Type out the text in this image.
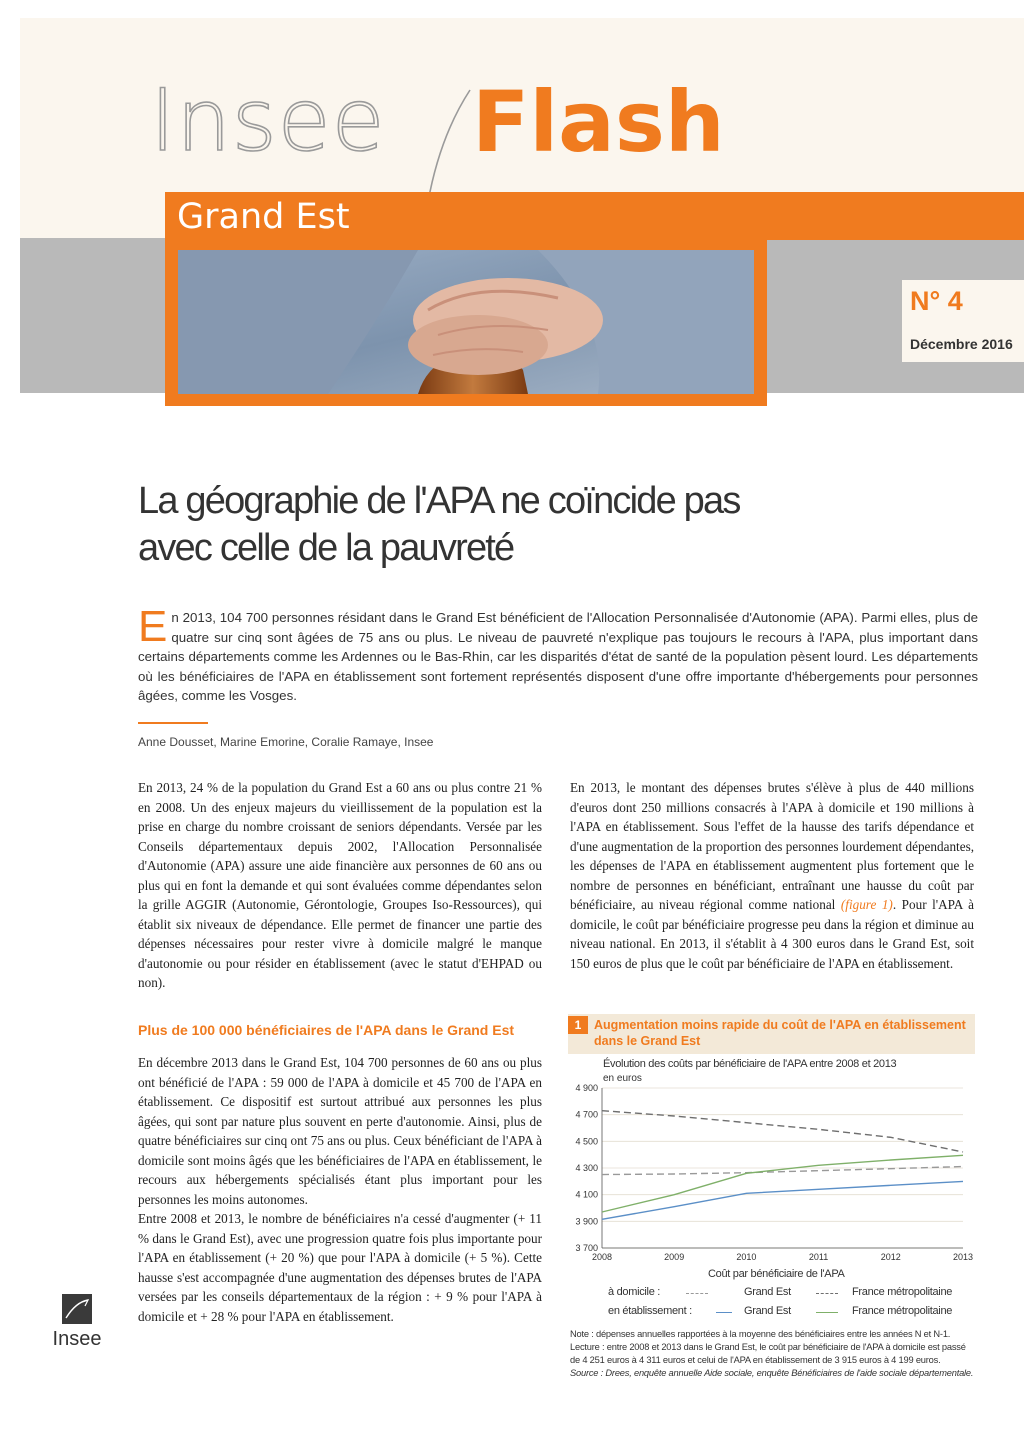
Insee Flash
Grand Est
N° 4
Décembre 2016
La géographie de l'APA ne coïncide pas
avec celle de la pauvreté

En 2013, 104 700 personnes résidant dans le Grand Est bénéficient de l'Allocation Personnalisée d'Autonomie (APA). Parmi elles, plus de quatre sur cinq sont âgées de 75 ans ou plus. Le niveau de pauvreté n'explique pas toujours le recours à l'APA, plus important dans certains départements comme les Ardennes ou le Bas-Rhin, car les disparités d'état de santé de la population pèsent lourd. Les départements où les bénéficiaires de l'APA en établissement sont fortement représentés disposent d'une offre importante d'hébergements pour personnes âgées, comme les Vosges.

Anne Dousset, Marine Emorine, Coralie Ramaye, Insee

En 2013, 24 % de la population du Grand Est a 60 ans ou plus contre 21 % en 2008. Un des enjeux majeurs du vieillissement de la population est la prise en charge du nombre croissant de seniors dépendants. Versée par les Conseils départementaux depuis 2002, l'Allocation Personnalisée d'Autonomie (APA) assure une aide financière aux personnes de 60 ans ou plus qui en font la demande et qui sont évaluées comme dépendantes selon la grille AGGIR (Autonomie, Gérontologie, Groupes Iso-Ressources), qui établit six niveaux de dépendance. Elle permet de financer une partie des dépenses nécessaires pour rester vivre à domicile malgré le manque d'autonomie ou pour résider en établissement (avec le statut d'EHPAD ou non).

Plus de 100 000 bénéficiaires de l'APA dans le Grand Est

En décembre 2013 dans le Grand Est, 104 700 personnes de 60 ans ou plus ont bénéficié de l'APA : 59 000 de l'APA à domicile et 45 700 de l'APA en établissement. Ce dispositif est surtout attribué aux personnes les plus âgées, qui sont par nature plus souvent en perte d'autonomie. Ainsi, plus de quatre bénéficiaires sur cinq ont 75 ans ou plus. Ceux bénéficiant de l'APA à domicile sont moins âgés que les bénéficiaires de l'APA en établissement, le recours aux hébergements spécialisés étant plus important pour les personnes les moins autonomes.

Entre 2008 et 2013, le nombre de bénéficiaires n'a cessé d'augmenter (+ 11 % dans le Grand Est), avec une progression quatre fois plus importante pour l'APA en établissement (+ 20 %) que pour l'APA à domicile (+ 5 %). Cette hausse s'est accompagnée d'une augmentation des dépenses brutes de l'APA versées par les conseils départementaux de la région : + 9 % pour l'APA à domicile et + 28 % pour l'APA en établissement.

En 2013, le montant des dépenses brutes s'élève à plus de 440 millions d'euros dont 250 millions consacrés à l'APA à domicile et 190 millions à l'APA en établissement. Sous l'effet de la hausse des tarifs dépendance et d'une augmentation de la proportion des personnes lourdement dépendantes, les dépenses de l'APA en établissement augmentent plus fortement que le nombre de personnes en bénéficiant, entraînant une hausse du coût par bénéficiaire, au niveau régional comme national (figure 1). Pour l'APA à domicile, le coût par bénéficiaire progresse peu dans la région et diminue au niveau national. En 2013, il s'établit à 4 300 euros dans le Grand Est, soit 150 euros de plus que le coût par bénéficiaire de l'APA en établissement.

1	Augmentation moins rapide du coût de l'APA en établissement dans le Grand Est
Évolution des coûts par bénéficiaire de l'APA entre 2008 et 2013
en euros
3 700
3 900
4 100
4 300
4 500
4 700
4 900
2008	2009	2010	2011	2012	2013
Coût par bénéficiaire de l'APA
à domicile :	Grand Est	France métropolitaine
en établissement :	Grand Est	France métropolitaine

Note : dépenses annuelles rapportées à la moyenne des bénéficiaires entre les années N et N-1.

Lecture : entre 2008 et 2013 dans le Grand Est, le coût par bénéficiaire de l'APA à domicile est passé de 4 251 euros à 4 311 euros et celui de l'APA en établissement de 3 915 euros à 4 199 euros.

Source : Drees, enquête annuelle Aide sociale, enquête Bénéficiaires de l'aide sociale départementale.

Insee
